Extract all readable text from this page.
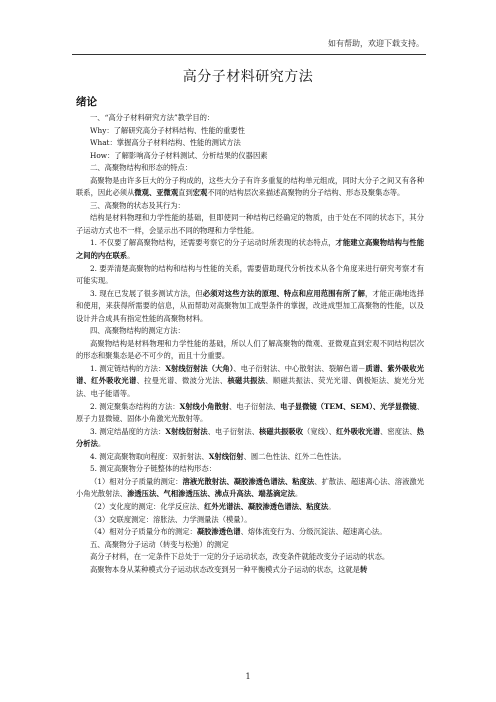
如有帮助，欢迎下载支持。
高分子材料研究方法
绪论

一、“高分子材料研究方法”教学目的：

Why：了解研究高分子材料结构、性能的重要性

What：掌握高分子材料结构、性能的测试方法

How：了解影响高分子材料测试、分析结果的仪器因素

二、高聚物结构和形态的特点：

高聚物是由许多巨大的分子构成的，这些大分子有许多重复的结构单元组成，同时大分子之间又有各种联系，因此必须从微观、亚微观直到宏观不同的结构层次来描述高聚物的分子结构、形态及聚集态等。

三、高聚物的状态及其行为：

结构是材料物理和力学性能的基础，但即使同一种结构已经确定的物质，由于处在不同的状态下，其分子运动方式也不一样，会显示出不同的物理和力学性能。

1. 不仅要了解高聚物结构，还需要考察它的分子运动时所表现的状态特点，才能建立高聚物结构与性能之间的内在联系。

2. 要弄清楚高聚物的结构和结构与性能的关系，需要借助现代分析技术从各个角度来进行研究考察才有可能实现。

3. 现在已发展了很多测试方法，但必须对这些方法的原理、特点和应用范围有所了解，才能正确地选择和使用，来获得所需要的信息，从而帮助对高聚物加工成型条件的掌握，改进成型加工高聚物的性能，以及设计并合成具有指定性能的高聚物材料。

四、高聚物结构的测定方法：

高聚物结构是材料物理和力学性能的基础，所以人们了解高聚物的微观、亚微观直到宏观不同结构层次的形态和聚集态是必不可少的，而且十分重要。

1. 测定链结构的方法：X射线衍射法（大角）、电子衍射法、中心散射法、裂解色谱－质谱、紫外吸收光谱、红外吸收光谱、拉曼光谱、微波分光法、核磁共振法、顺磁共振法、荧光光谱、偶极矩法、旋光分光法、电子能谱等。

2. 测定聚集态结构的方法：X射线小角散射、电子衍射法、电子显微镜（TEM、SEM）、光学显微镜、原子力显微镜、固体小角激光光散射等。

3. 测定结晶度的方法：X射线衍射法、电子衍射法、核磁共振吸收（宽线）、红外吸收光谱、密度法、热分析法。

4. 测定高聚物取向程度：双折射法、X射线衍射、圆二色性法、红外二色性法。

5. 测定高聚物分子链整体的结构形态：

（1）相对分子质量的测定：溶液光散射法、凝胶渗透色谱法、粘度法、扩散法、超速离心法、溶液激光小角光散射法、渗透压法、气相渗透压法、沸点升高法、端基滴定法。

（2）支化度的测定：化学反应法、红外光谱法、凝胶渗透色谱法、粘度法。

（3）交联度测定：溶胀法、力学测量法（模量）。

（4）相对分子质量分布的测定：凝胶渗透色谱、熔体流变行为、分级沉淀法、超速离心法。

五、高聚物分子运动（转变与松弛）的测定

高分子材料，在一定条件下总处于一定的分子运动状态，改变条件就能改变分子运动的状态。

高聚物本身从某种模式分子运动状态改变到另一种平衡模式分子运动的状态，这就是转

1
